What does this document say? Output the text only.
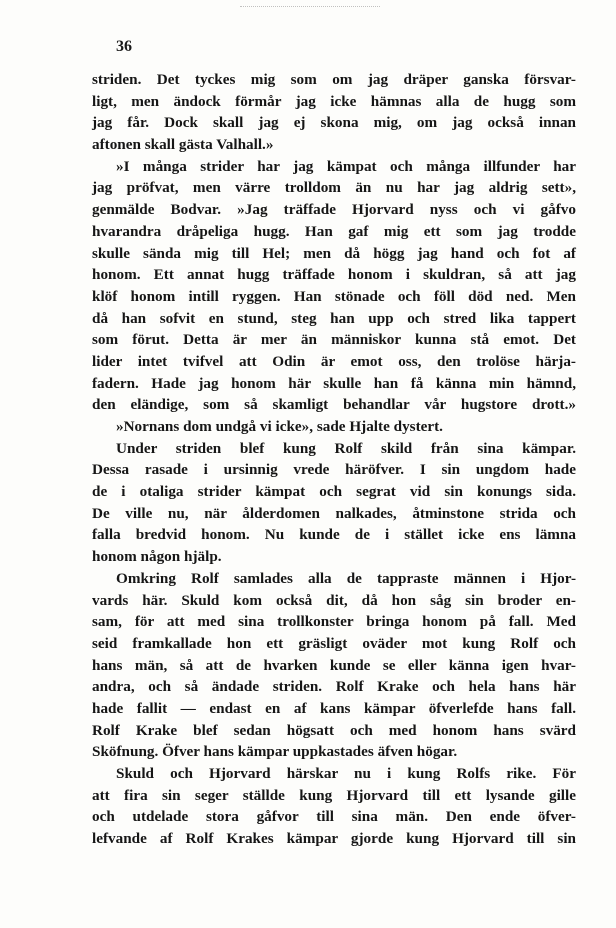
36
striden. Det tyckes mig som om jag dräper ganska försvar-
ligt, men ändock förmår jag icke hämnas alla de hugg som
jag får. Dock skall jag ej skona mig, om jag också innan
aftonen skall gästa Valhall.»
»I många strider har jag kämpat och många illfunder har
jag pröfvat, men värre trolldom än nu har jag aldrig sett»,
genmälde Bodvar. »Jag träffade Hjorvard nyss och vi gåfvo
hvarandra dråpeliga hugg. Han gaf mig ett som jag trodde
skulle sända mig till Hel; men då högg jag hand och fot af
honom. Ett annat hugg träffade honom i skuldran, så att jag
klöf honom intill ryggen. Han stönade och föll död ned. Men
då han sofvit en stund, steg han upp och stred lika tappert
som förut. Detta är mer än människor kunna stå emot. Det
lider intet tvifvel att Odin är emot oss, den trolöse härja-
fadern. Hade jag honom här skulle han få känna min hämnd,
den eländige, som så skamligt behandlar vår hugstore drott.»
»Nornans dom undgå vi icke», sade Hjalte dystert.
Under striden blef kung Rolf skild från sina kämpar.
Dessa rasade i ursinnig vrede häröfver. I sin ungdom hade
de i otaliga strider kämpat och segrat vid sin konungs sida.
De ville nu, när ålderdomen nalkades, åtminstone strida och
falla bredvid honom. Nu kunde de i stället icke ens lämna
honom någon hjälp.
Omkring Rolf samlades alla de tappraste männen i Hjor-
vards här. Skuld kom också dit, då hon såg sin broder en-
sam, för att med sina trollkonster bringa honom på fall. Med
seid framkallade hon ett gräsligt oväder mot kung Rolf och
hans män, så att de hvarken kunde se eller känna igen hvar-
andra, och så ändade striden. Rolf Krake och hela hans här
hade fallit — endast en af kans kämpar öfverlefde hans fall.
Rolf Krake blef sedan högsatt och med honom hans svärd
Sköfnung. Öfver hans kämpar uppkastades äfven högar.
Skuld och Hjorvard härskar nu i kung Rolfs rike. För
att fira sin seger ställde kung Hjorvard till ett lysande gille
och utdelade stora gåfvor till sina män. Den ende öfver-
lefvande af Rolf Krakes kämpar gjorde kung Hjorvard till sin
